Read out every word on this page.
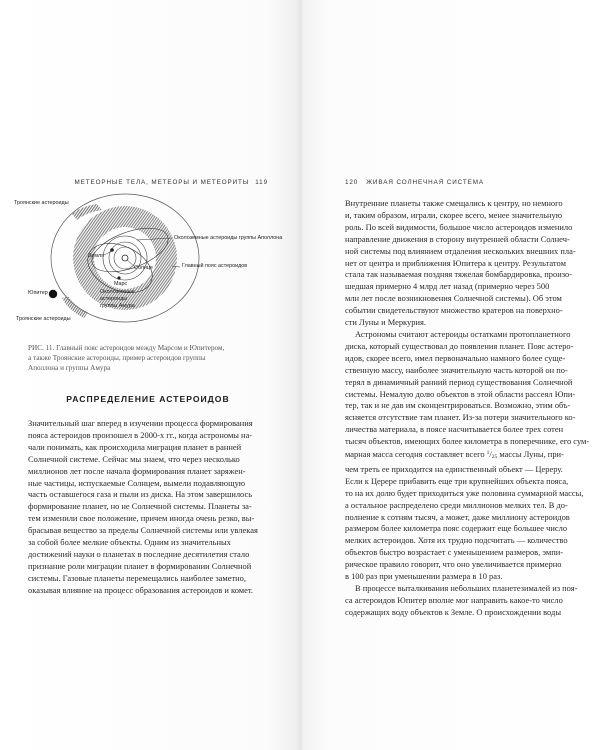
МЕТЕОРНЫЕ ТЕЛА, МЕТЕОРЫ И МЕТЕОРИТЫ 119
Троянские астероиды
Околоземные астероиды группы Аполлона
Земля
Главный пояс астероидов
Солнце
Марс
Околоземные
астероиды
группы Амура
Юпитер
Троянские астероиды
РИС. 11. Главный пояс астероидов между Марсом и Юпитером,
а также Троянские астероиды, пример астероидов группы
Аполлона и группы Амура
РАСПРЕДЕЛЕНИЕ АСТЕРОИДОВ
Значительный шаг вперед в изучении процесса формирования
пояса астероидов произошел в 2000-х гг., когда астрономы на-
чали понимать, как происходила миграция планет в ранней
Солнечной системе. Сейчас мы знаем, что через несколько
миллионов лет после начала формирования планет заряжен-
ные частицы, испускаемые Солнцем, вымели подавляющую
часть оставшегося газа и пыли из диска. На этом завершилось
формирование планет, но не Солнечной системы. Планеты за-
тем изменили свое положение, причем иногда очень резко, вы-
брасывая вещество за пределы Солнечной системы или увлекая
за собой более мелкие объекты. Одним из значительных
достижений науки о планетах в последние десятилетия стало
признание роли миграции планет в формировании Солнечной
системы. Газовые планеты перемещались наиболее заметно,
оказывая влияние на процесс образования астероидов и комет.
120 ЖИВАЯ СОЛНЕЧНАЯ СИСТЕМА
Внутренние планеты также смещались к центру, но немного
и, таким образом, играли, скорее всего, менее значительную
роль. По всей видимости, большое число астероидов изменило
направление движения в сторону внутренней области Солнеч-
ной системы под влиянием отдаления нескольких внешних пла-
нет от центра и приближения Юпитера к центру. Результатом
стала так называемая поздняя тяжелая бомбардировка, произо-
шедшая примерно 4 млрд лет назад (примерно через 500
млн лет после возникновения Солнечной системы). Об этом
событии свидетельствуют множество кратеров на поверхно-
сти Луны и Меркурия.
Астрономы считают астероиды остатками протопланетного
диска, который существовал до появления планет. Пояс астеро-
идов, скорее всего, имел первоначально намного более суще-
ственную массу, наиболее значительную часть которой он по-
терял в динамичный ранний период существования Солнечной
системы. Немалую долю объектов в этой области рассеял Юпи-
тер, так и не дав им сконцентрироваться. Возможно, этим объ-
ясняется отсутствие там планет. Из-за потери значительного ко-
личества материала, в поясе насчитывается более трех сотен
тысяч объектов, имеющих более километра в поперечнике, его сум-
марная масса сегодня составляет всего $^1/_{25}$ массы Луны, при-
чем треть ее приходится на единственный объект — Цереру.
Если к Церере прибавить еще три крупнейших объекта пояса,
то на их долю будет приходиться уже половина суммарной массы,
а остальное распределено среди миллионов мелких тел. В до-
полнение к сотням тысяч, а может, даже миллиону астероидов
размером более километра пояс содержит еще большее число
мелких астероидов. Хотя их трудно подсчитать — количество
объектов быстро возрастает с уменьшением размеров, эмпи-
рическое правило говорит, что оно увеличивается примерно
в 100 раз при уменьшении размера в 10 раз.
В процессе выталкивания небольших планетезималей из поя-
са астероидов Юпитер вполне мог направить какое-то число
содержащих воду объектов к Земле. О происхождении воды
